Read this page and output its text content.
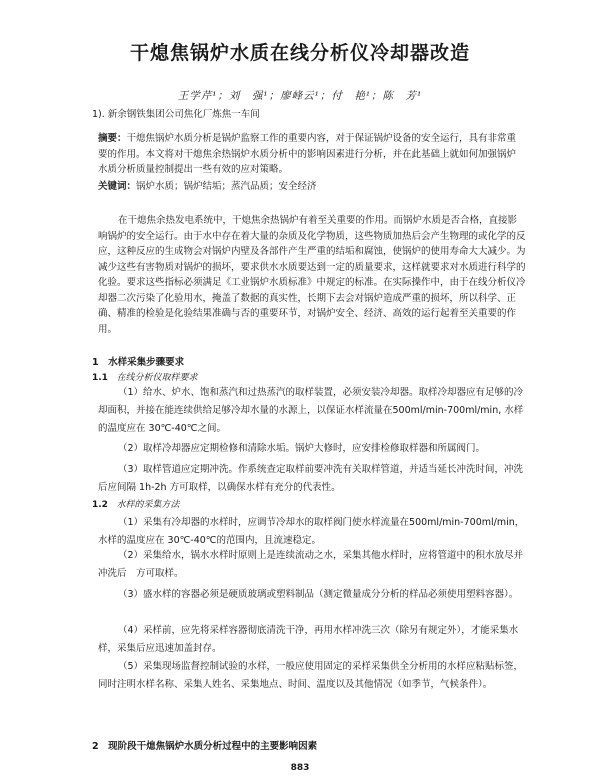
干熄焦锅炉水质在线分析仪冷却器改造
王学芹¹；刘　强¹；廖峰云¹；付　艳¹；陈　芳¹
1). 新余钢铁集团公司焦化厂炼焦一车间
摘要：干熄焦锅炉水质分析是锅炉监察工作的重要内容，对于保证锅炉设备的安全运行，具有非常重要的作用。本文将对干熄焦余热锅炉水质分析中的影响因素进行分析，并在此基础上就如何加强锅炉水质分析质量控制提出一些有效的应对策略。
关键词：锅炉水质；锅炉结垢；蒸汽品质；安全经济
在干熄焦余热发电系统中，干熄焦余热锅炉有着至关重要的作用。而锅炉水质是否合格，直接影响锅炉的安全运行。由于水中存在着大量的杂质及化学物质，这些物质加热后会产生物理的或化学的反应，这种反应的生成物会对锅炉内壁及各部件产生严重的结垢和腐蚀，使锅炉的使用寿命大大减少。为减少这些有害物质对锅炉的损坏，要求供水水质要达到一定的质量要求，这样就要求对水质进行科学的化验。要求这些指标必须满足《工业锅炉水质标准》中规定的标准。在实际操作中，由于在线分析仪冷却器二次污染了化验用水，掩盖了数据的真实性，长期下去会对锅炉造成严重的损坏，所以科学、正确、精准的检验是化验结果准确与否的重要环节，对锅炉安全、经济、高效的运行起着至关重要的作用。
1　水样采集步骤要求
1.1 在线分析仪取样要求
（1）给水、炉水、饱和蒸汽和过热蒸汽的取样装置，必须安装冷却器。取样冷却器应有足够的冷却面积，并接在能连续供给足够冷却水量的水源上，以保证水样流量在500ml/min-700ml/min, 水样的温度应在 30℃-40℃之间。
（2）取样冷却器应定期检修和清除水垢。锅炉大修时，应安排检修取样器和所属阀门。
（3）取样管道应定期冲洗。作系统查定取样前要冲洗有关取样管道，并适当延长冲洗时间，冲洗后应间隔 1h-2h 方可取样，以确保水样有充分的代表性。
1.2 水样的采集方法
（1）采集有冷却器的水样时，应调节冷却水的取样阀门使水样流量在500ml/min-700ml/min，水样的温度应在 30℃-40℃的范围内，且流速稳定。
（2）采集给水，锅水水样时原则上是连续流动之水，采集其他水样时，应将管道中的积水放尽并冲洗后　方可取样。
（3）盛水样的容器必须是硬质玻璃或塑料制品（测定微量成分分析的样品必须使用塑料容器）。
（4）采样前，应先将采样容器彻底清洗干净，再用水样冲洗三次（除另有规定外），才能采集水样，采集后应迅速加盖封存。
（5）采集现场监督控制试验的水样，一般应使用固定的采样采集供全分析用的水样应粘贴标签，同时注明水样名称、采集人姓名、采集地点、时间、温度以及其他情况（如季节，气候条件）。
2　现阶段干熄焦锅炉水质分析过程中的主要影响因素
883
